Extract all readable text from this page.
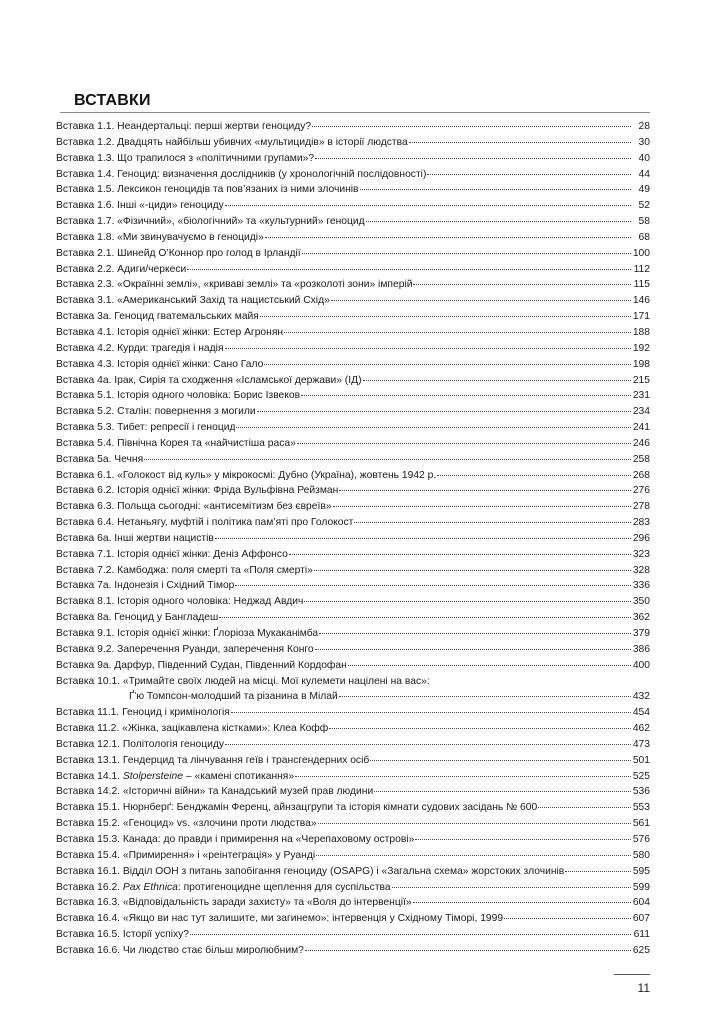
ВСТАВКИ
Вставка 1.1. Неандертальці: перші жертви геноциду?	28
Вставка 1.2. Двадцять найбільш убивчих «мультицидів» в історії людства	30
Вставка 1.3. Що трапилося з «політичними групами»?	40
Вставка 1.4. Геноцид: визначення дослідників (у хронологічній послідовності)	44
Вставка 1.5. Лексикон геноцидів та пов’язаних із ними злочинів	49
Вставка 1.6. Інші «-циди» геноциду	52
Вставка 1.7. «Фізичний», «біологічний» та «культурний» геноцид	58
Вставка 1.8. «Ми звинувачуємо в геноциді»	68
Вставка 2.1. Шинейд О’Коннор про голод в Ірландії	100
Вставка 2.2. Адиги/черкеси	112
Вставка 2.3. «Окраїнні землі», «криваві землі» та «розколоті зони» імперій	115
Вставка 3.1. «Американський Захід та нацистський Схід»	146
Вставка 3а. Геноцид гватемальських майя	171
Вставка 4.1. Історія однієї жінки: Естер Агронян	188
Вставка 4.2. Курди: трагедія і надія	192
Вставка 4.3. Історія однієї жінки: Сано Гало	198
Вставка 4а. Ірак, Сирія та сходження «Ісламської держави» (ІД)	215
Вставка 5.1. Історія одного чоловіка: Борис Ізвеков	231
Вставка 5.2. Сталін: повернення з могили	234
Вставка 5.3. Тибет: репресії і геноцид	241
Вставка 5.4. Північна Корея та «найчистіша раса»	246
Вставка 5а. Чечня	258
Вставка 6.1. «Голокост від куль» у мікрокосмі: Дубно (Україна), жовтень 1942 р.	268
Вставка 6.2. Історія однієї жінки: Фріда Вульфівна Рейзман	276
Вставка 6.3. Польща сьогодні: «антисемітизм без євреїв»	278
Вставка 6.4. Нетаньягу, муфтій і політика пам’яті про Голокост	283
Вставка 6а. Інші жертви нацистів	296
Вставка 7.1. Історія однієї жінки: Деніз Аффонсо	323
Вставка 7.2. Камбоджа: поля смерті та «Поля смерті»	328
Вставка 7а. Індонезія і Східний Тімор	336
Вставка 8.1. Історія одного чоловіка: Неджад Авдич	350
Вставка 8а. Геноцид у Бангладеш	362
Вставка 9.1. Історія однієї жінки: Ґлоріоза Мукаканімба	379
Вставка 9.2. Заперечення Руанди, заперечення Конго	386
Вставка 9а. Дарфур, Південний Судан, Південний Кордофан	400
Вставка 10.1. «Тримайте своїх людей на місці. Мої кулемети націлені на вас»:
Ґ’ю Томпсон-молодший та різанина в Мілай	432
Вставка 11.1. Геноцид і кримінологія	454
Вставка 11.2. «Жінка, зацікавлена кістками»: Клеа Кофф	462
Вставка 12.1. Політологія геноциду	473
Вставка 13.1. Гендерцид та лінчування геїв і трансгендерних осіб	501
Вставка 14.1. Stolpersteine – «камені спотикання»	525
Вставка 14.2. «Історичні війни» та Канадський музей прав людини	536
Вставка 15.1. Нюрнберґ: Бенджамін Ференц, айнзацгрупи та історія кімнати судових засідань № 600	553
Вставка 15.2. «Геноцид» vs. «злочини проти людства»	561
Вставка 15.3. Канада: до правди і примирення на «Черепаховому острові»	576
Вставка 15.4. «Примирення» і «реінтеграція» у Руанді	580
Вставка 16.1. Відділ ООН з питань запобігання геноциду (OSAPG) і «Загальна схема» жорстоких злочинів	595
Вставка 16.2. Pax Ethnica: протигеноцидне щеплення для суспільства	599
Вставка 16.3. «Відповідальність заради захисту» та «Воля до інтервенції»	604
Вставка 16.4. «Якщо ви нас тут залишите, ми загинемо»: інтервенція у Східному Тіморі, 1999	607
Вставка 16.5. Історії успіху?	611
Вставка 16.6. Чи людство стає більш миролюбним?	625
11
